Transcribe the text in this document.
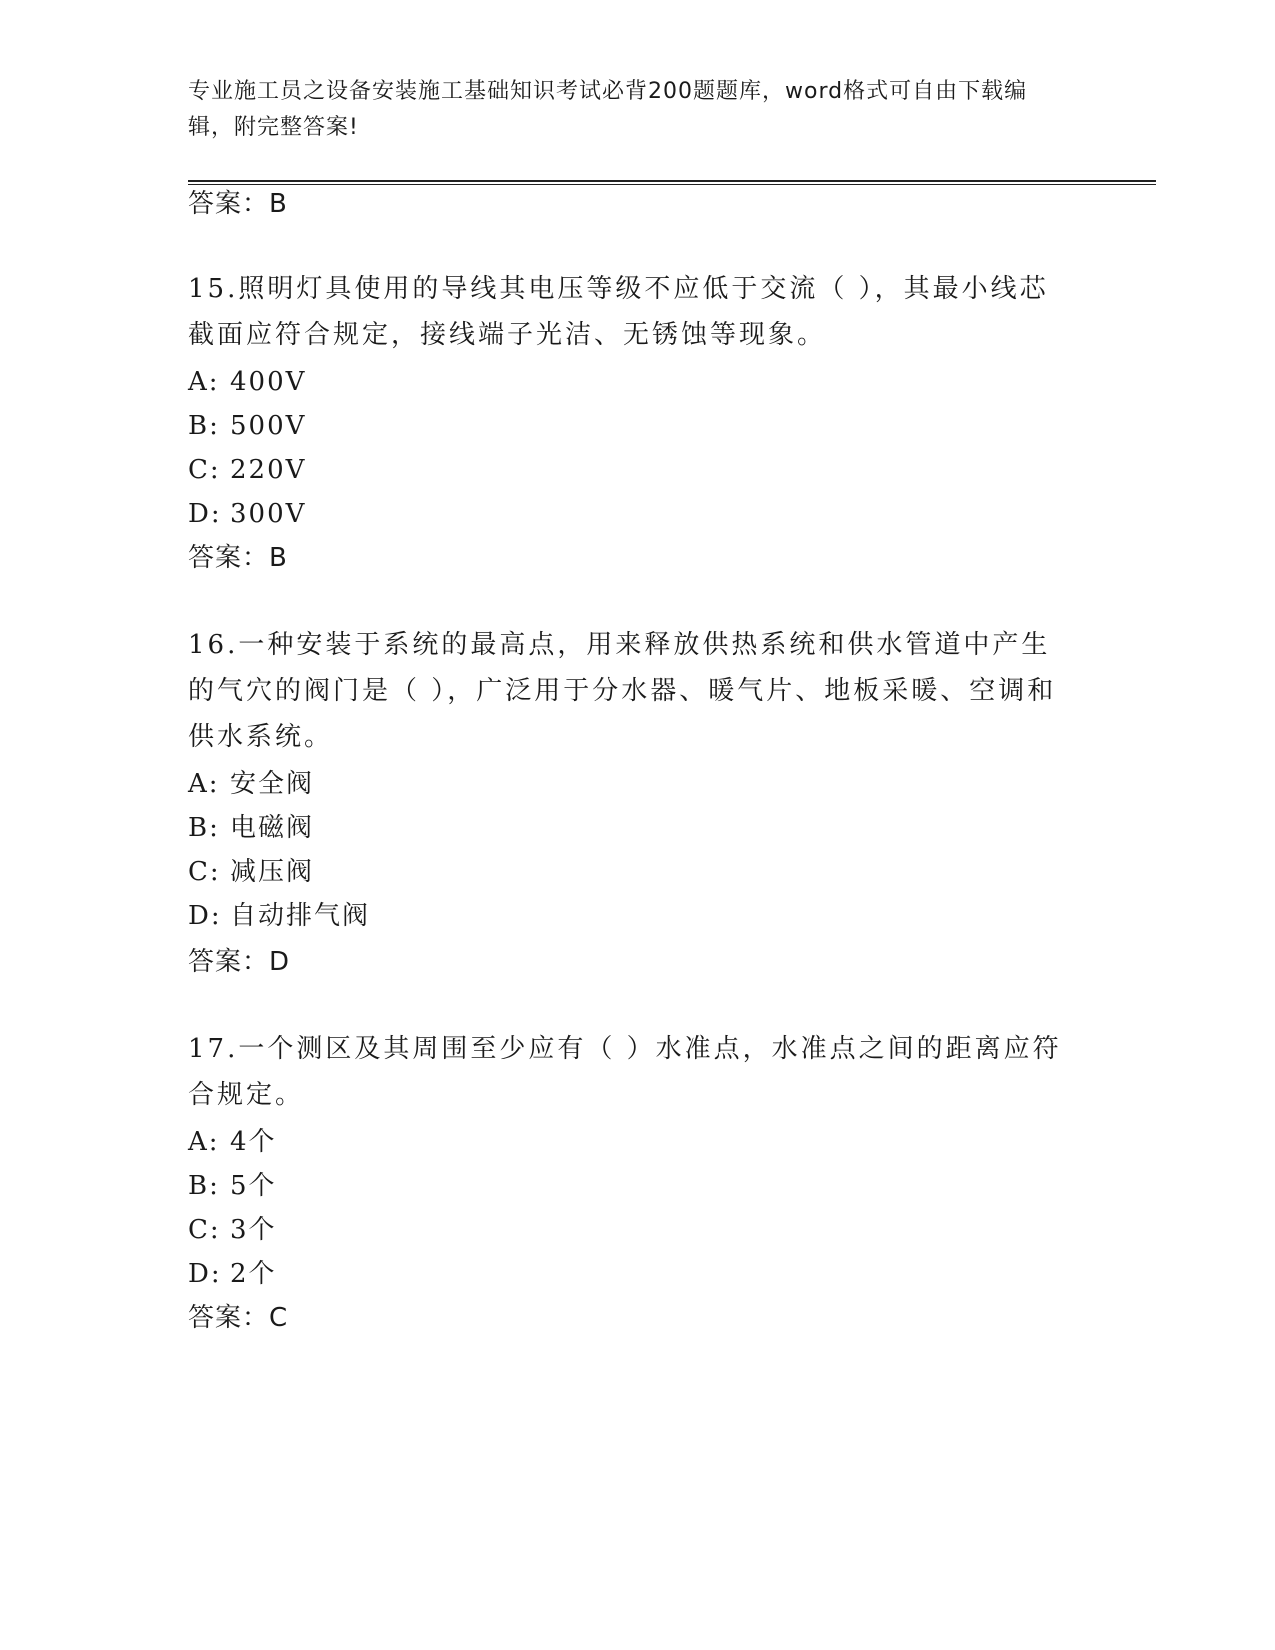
专业施工员之设备安装施工基础知识考试必背200题题库，word格式可自由下载编辑，附完整答案!
答案：B
15.照明灯具使用的导线其电压等级不应低于交流（ ），其最小线芯截面应符合规定，接线端子光洁、无锈蚀等现象。
A: 400V
B: 500V
C: 220V
D: 300V
答案：B
16.一种安装于系统的最高点，用来释放供热系统和供水管道中产生的气穴的阀门是（ ），广泛用于分水器、暖气片、地板采暖、空调和供水系统。
A: 安全阀
B: 电磁阀
C: 减压阀
D: 自动排气阀
答案：D
17.一个测区及其周围至少应有（ ）水准点，水准点之间的距离应符合规定。
A: 4个
B: 5个
C: 3个
D: 2个
答案：C
